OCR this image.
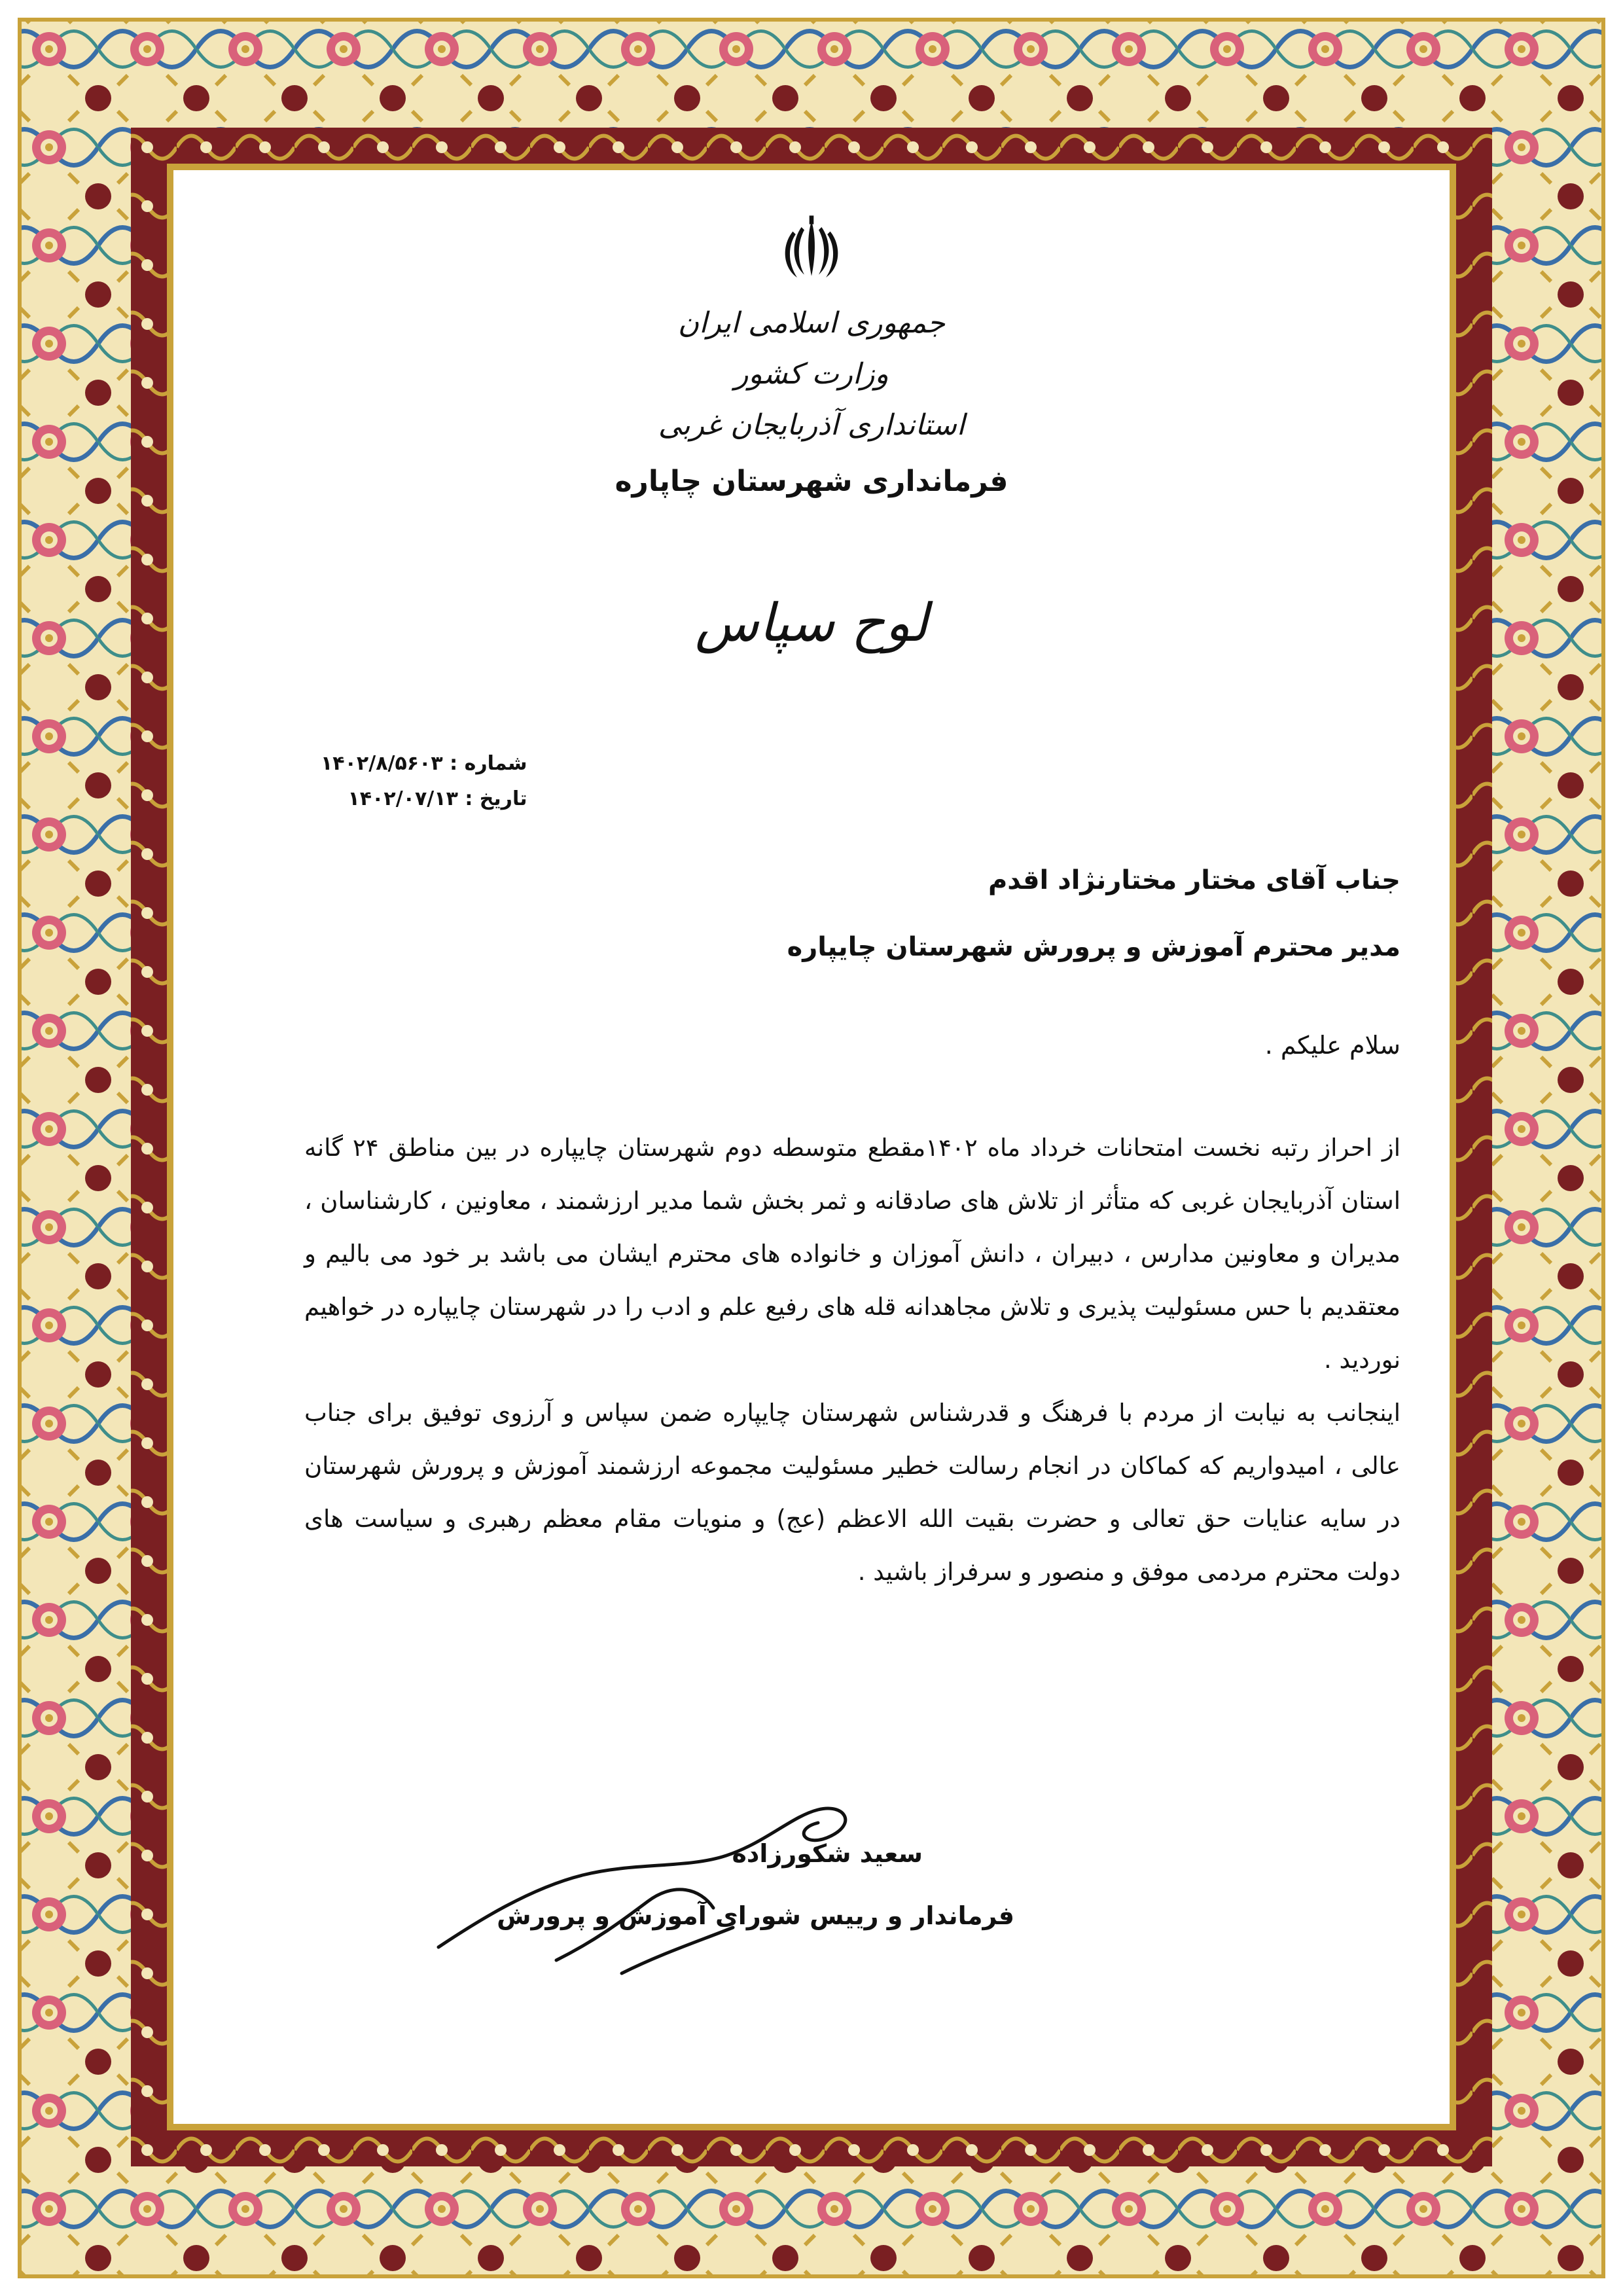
جمهوری اسلامی ایران
وزارت کشور
استانداری آذربایجان غربی
فرمانداری شهرستان چاپاره
لوح سپاس
شماره : ۱۴۰۲/۸/۵۶۰۳
تاریخ : ۱۴۰۲/۰۷/۱۳
جناب آقای مختار مختارنژاد اقدم
مدیر محترم آموزش و پرورش شهرستان چایپاره
سلام علیکم .

از احراز رتبه نخست امتحانات خرداد ماه ۱۴۰۲مقطع متوسطه دوم شهرستان چایپاره در بین مناطق ۲۴ گانه استان آذربایجان غربی که متأثر از تلاش های صادقانه و ثمر بخش شما مدیر ارزشمند ، معاونین ، کارشناسان ، مدیران و معاونین مدارس ، دبیران ، دانش آموزان و خانواده های محترم ایشان می باشد بر خود می بالیم و معتقدیم با حس مسئولیت پذیری و تلاش مجاهدانه قله های رفیع علم و ادب را در شهرستان چایپاره در خواهیم نوردید .

اینجانب به نیابت از مردم با فرهنگ و قدرشناس شهرستان چایپاره ضمن سپاس و آرزوی توفیق برای جناب عالی ، امیدواریم که کماکان در انجام رسالت خطیر مسئولیت مجموعه ارزشمند آموزش و پرورش شهرستان در سایه عنایات حق تعالی و حضرت بقیت الله الاعظم (عج) و منویات مقام معظم رهبری و سیاست های دولت محترم مردمی موفق و منصور و سرفراز باشید .

سعید شکورزاده
فرماندار و رییس شورای آموزش و پرورش
